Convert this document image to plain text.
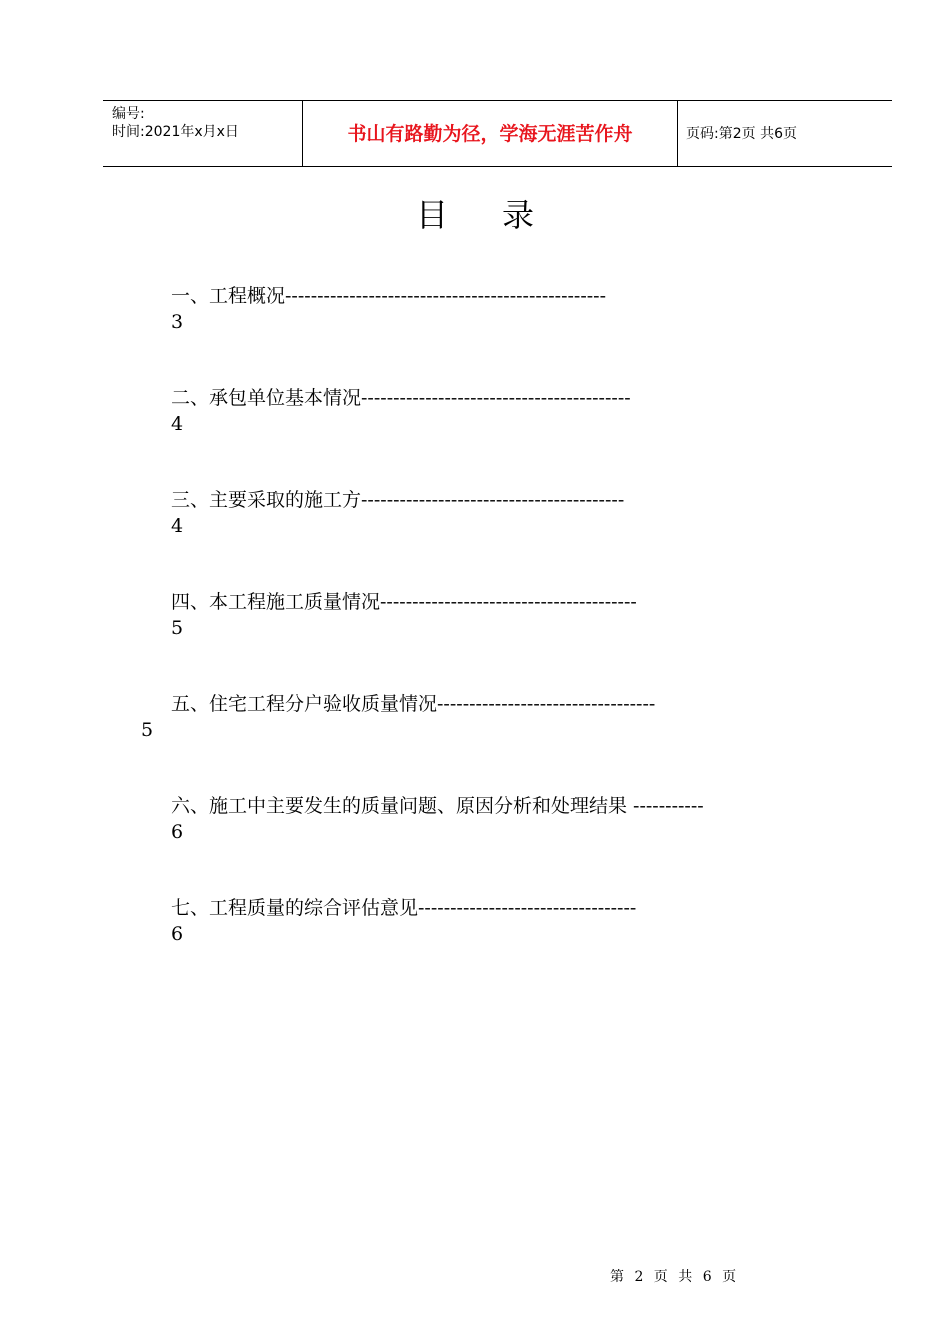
编号:
时间:2021年x月x日	书山有路勤为径，学海无涯苦作舟	页码:第2页 共6页
目录
一、工程概况--------------------------------------------------
3
二、承包单位基本情况------------------------------------------
4
三、主要采取的施工方-----------------------------------------
4
四、本工程施工质量情况----------------------------------------
5
五、住宅工程分户验收质量情况----------------------------------
5
六、施工中主要发生的质量问题、原因分析和处理结果 -----------
6
七、工程质量的综合评估意见----------------------------------
6
第 2 页 共 6 页
